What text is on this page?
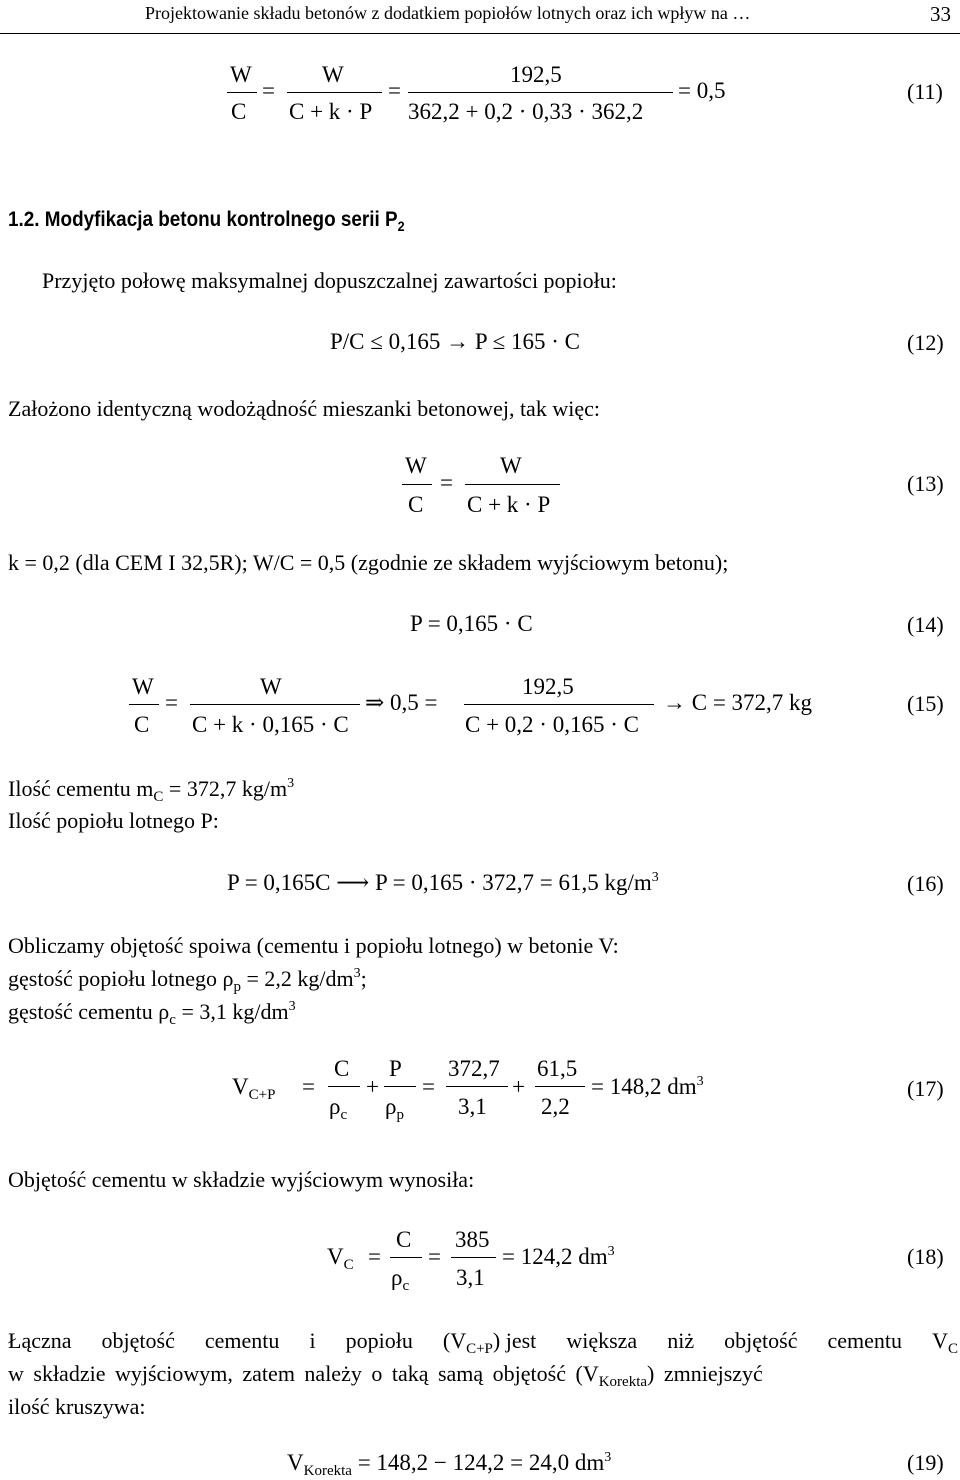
Projektowanie składu betonów z dodatkiem popiołów lotnych oraz ich wpływ na …	33
W
C
=
W
C + k · P
=
192,5
362,2 + 0,2 · 0,33 · 362,2
= 0,5	(11)
1.2. Modyfikacja betonu kontrolnego serii $P_2$
Przyjęto połowę maksymalnej dopuszczalnej zawartości popiołu:
P/C ≤ 0,165 → P ≤ 165 · C	(12)
Założono identyczną wodożądność mieszanki betonowej, tak więc:
W
C
=
W
C + k · P
(13)
k = 0,2 (dla CEM I 32,5R); W/C = 0,5 (zgodnie ze składem wyjściowym betonu);
P = 0,165 · C	(14)
W
C
=
W
C + k · 0,165 · C
⇒ 0,5 =
192,5
C + 0,2 · 0,165 · C
→ C = 372,7 kg	(15)
Ilość cementu $m_C = 372,7$ $kg/m^3$
Ilość popiołu lotnego P:
P = 0,165C ⟶ P = 0,165 · 372,7 = 61,5 $kg/m^3$	(16)
Obliczamy objętość spoiwa (cementu i popiołu lotnego) w betonie V:
gęstość popiołu lotnego $\rho_p = 2,2$ $kg/dm^3$;
gęstość cementu $\rho_c = 3,1$ $kg/dm^3$
$V_{C+P}$ =
C
$\rho_c$
+
P
$\rho_p$
=
372,7
3,1
+
61,5
2,2
= 148,2 $dm^3$	(17)
Objętość cementu w składzie wyjściowym wynosiła:
$V_C$ =
C
$\rho_c$
=
385
3,1
= 124,2 $dm^3$	(18)
Łączna objętość cementu i popiołu $(V_{C+P})$ jest większa niż objętość cementu $V_C$
w składzie wyjściowym, zatem należy o taką samą objętość $(V_{Korekta})$ zmniejszyć
ilość kruszywa:
$V_{Korekta} = 148,2 - 124,2 = 24,0$ $dm^3$	(19)
